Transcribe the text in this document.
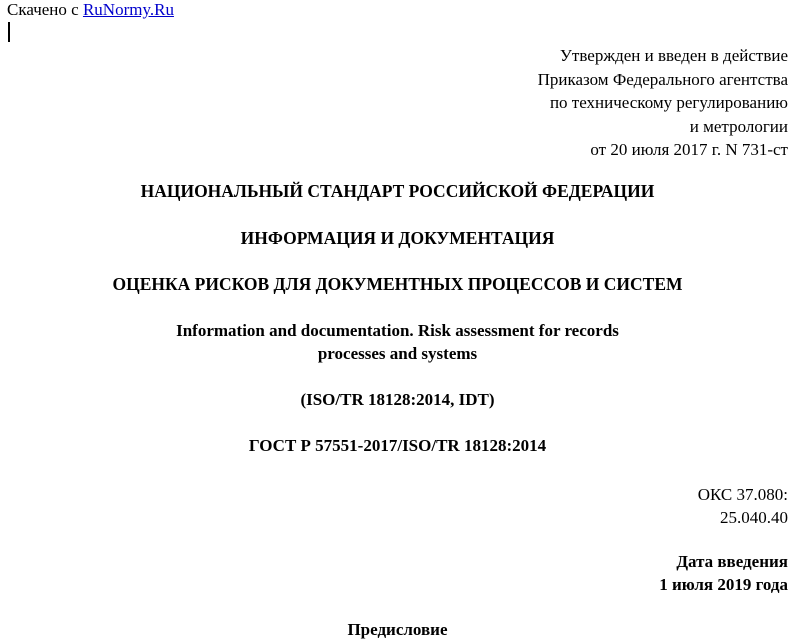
Скачено с RuNormy.Ru
Утвержден и введен в действие
Приказом Федерального агентства
по техническому регулированию
и метрологии
от 20 июля 2017 г. N 731-ст
НАЦИОНАЛЬНЫЙ СТАНДАРТ РОССИЙСКОЙ ФЕДЕРАЦИИ
ИНФОРМАЦИЯ И ДОКУМЕНТАЦИЯ
ОЦЕНКА РИСКОВ ДЛЯ ДОКУМЕНТНЫХ ПРОЦЕССОВ И СИСТЕМ
Information and documentation. Risk assessment for records
processes and systems
(ISO/TR 18128:2014, IDT)
ГОСТ Р 57551-2017/ISO/TR 18128:2014
ОКС 37.080:
25.040.40
Дата введения
1 июля 2019 года
Предисловие
